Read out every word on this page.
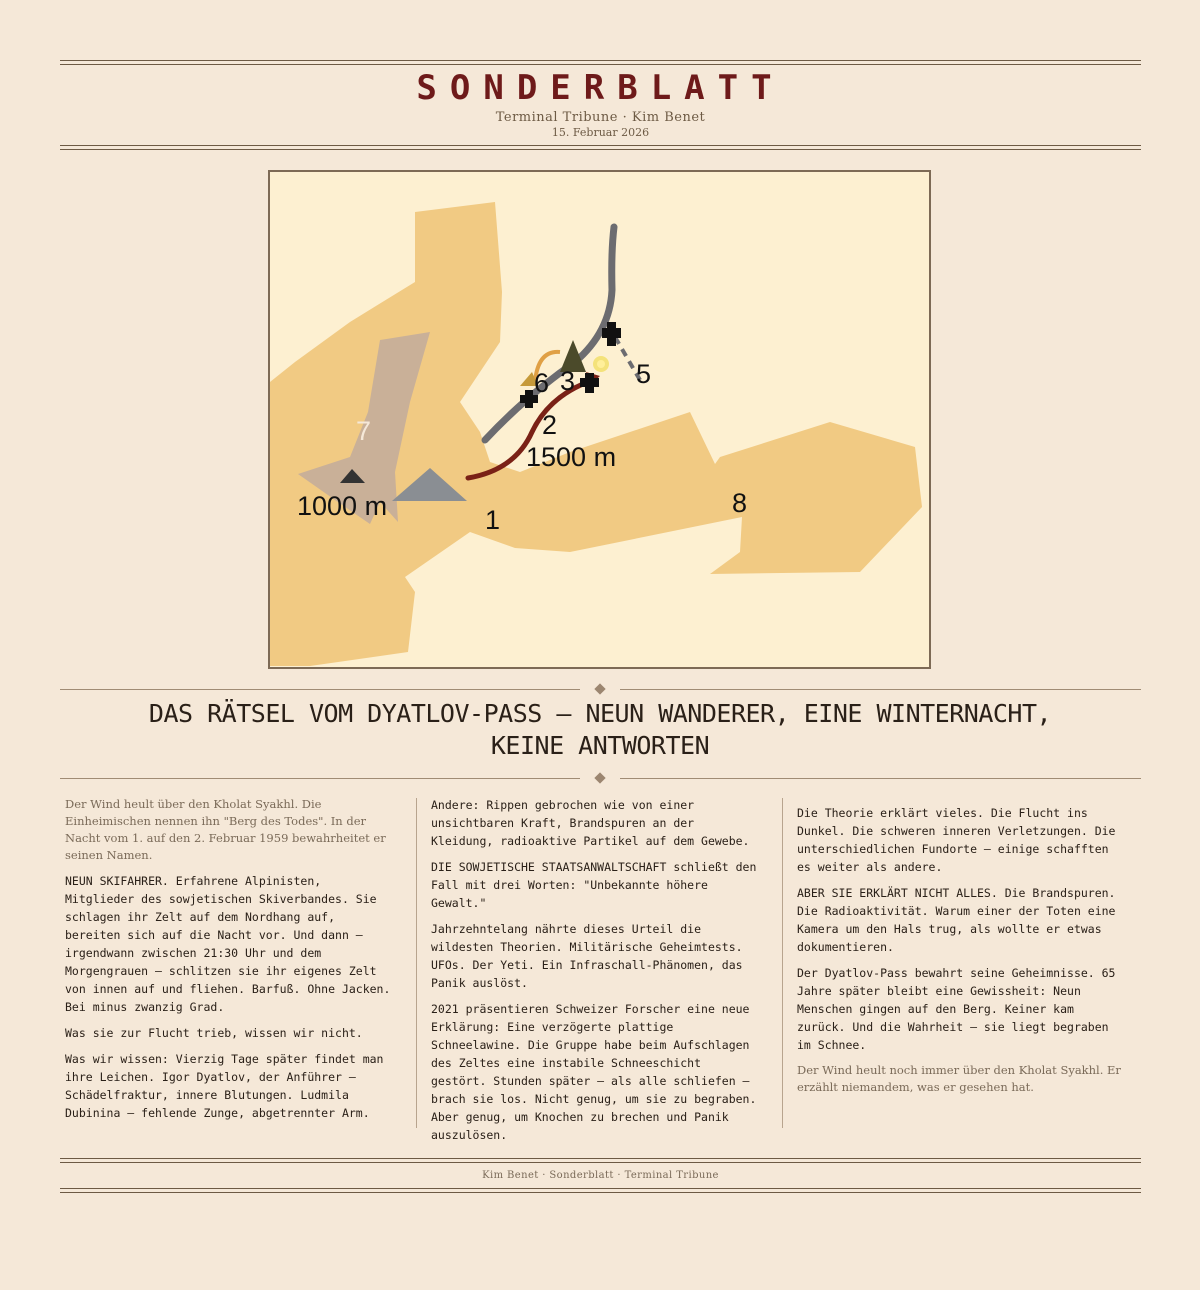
SONDERBLATT
Terminal Tribune · Kim Benet
15. Februar 2026
1
2
3 5
6
7
8
1000 m
1500 m
DAS RÄTSEL VOM DYATLOV-PASS — NEUN WANDERER, EINE WINTERNACHT,
KEINE ANTWORTEN

Der Wind heult über den Kholat Syakhl. Die Einheimischen nennen ihn "Berg des Todes". In der Nacht vom 1. auf den 2. Februar 1959 bewahrheitet er seinen Namen.

NEUN SKIFAHRER. Erfahrene Alpinisten, Mitglieder des sowjetischen Skiverbandes. Sie schlagen ihr Zelt auf dem Nordhang auf, bereiten sich auf die Nacht vor. Und dann — irgendwann zwischen 21:30 Uhr und dem Morgengrauen — schlitzen sie ihr eigenes Zelt von innen auf und fliehen. Barfuß. Ohne Jacken. Bei minus zwanzig Grad.

Was sie zur Flucht trieb, wissen wir nicht.

Was wir wissen: Vierzig Tage später findet man ihre Leichen. Igor Dyatlov, der Anführer — Schädelfraktur, innere Blutungen. Ludmila Dubinina — fehlende Zunge, abgetrennter Arm.

Andere: Rippen gebrochen wie von einer unsichtbaren Kraft, Brandspuren an der Kleidung, radioaktive Partikel auf dem Gewebe.

DIE SOWJETISCHE STAATSANWALTSCHAFT schließt den Fall mit drei Worten: "Unbekannte höhere Gewalt."

Jahrzehntelang nährte dieses Urteil die wildesten Theorien. Militärische Geheimtests. UFOs. Der Yeti. Ein Infraschall-Phänomen, das Panik auslöst.

2021 präsentieren Schweizer Forscher eine neue Erklärung: Eine verzögerte plattige Schneelawine. Die Gruppe habe beim Aufschlagen des Zeltes eine instabile Schneeschicht gestört. Stunden später — als alle schliefen — brach sie los. Nicht genug, um sie zu begraben. Aber genug, um Knochen zu brechen und Panik auszulösen.

Die Theorie erklärt vieles. Die Flucht ins Dunkel. Die schweren inneren Verletzungen. Die unterschiedlichen Fundorte — einige schafften es weiter als andere.

ABER SIE ERKLÄRT NICHT ALLES. Die Brandspuren. Die Radioaktivität. Warum einer der Toten eine Kamera um den Hals trug, als wollte er etwas dokumentieren.

Der Dyatlov-Pass bewahrt seine Geheimnisse. 65 Jahre später bleibt eine Gewissheit: Neun Menschen gingen auf den Berg. Keiner kam zurück. Und die Wahrheit — sie liegt begraben im Schnee.

Der Wind heult noch immer über den Kholat Syakhl. Er erzählt niemandem, was er gesehen hat.

Kim Benet · Sonderblatt · Terminal Tribune
